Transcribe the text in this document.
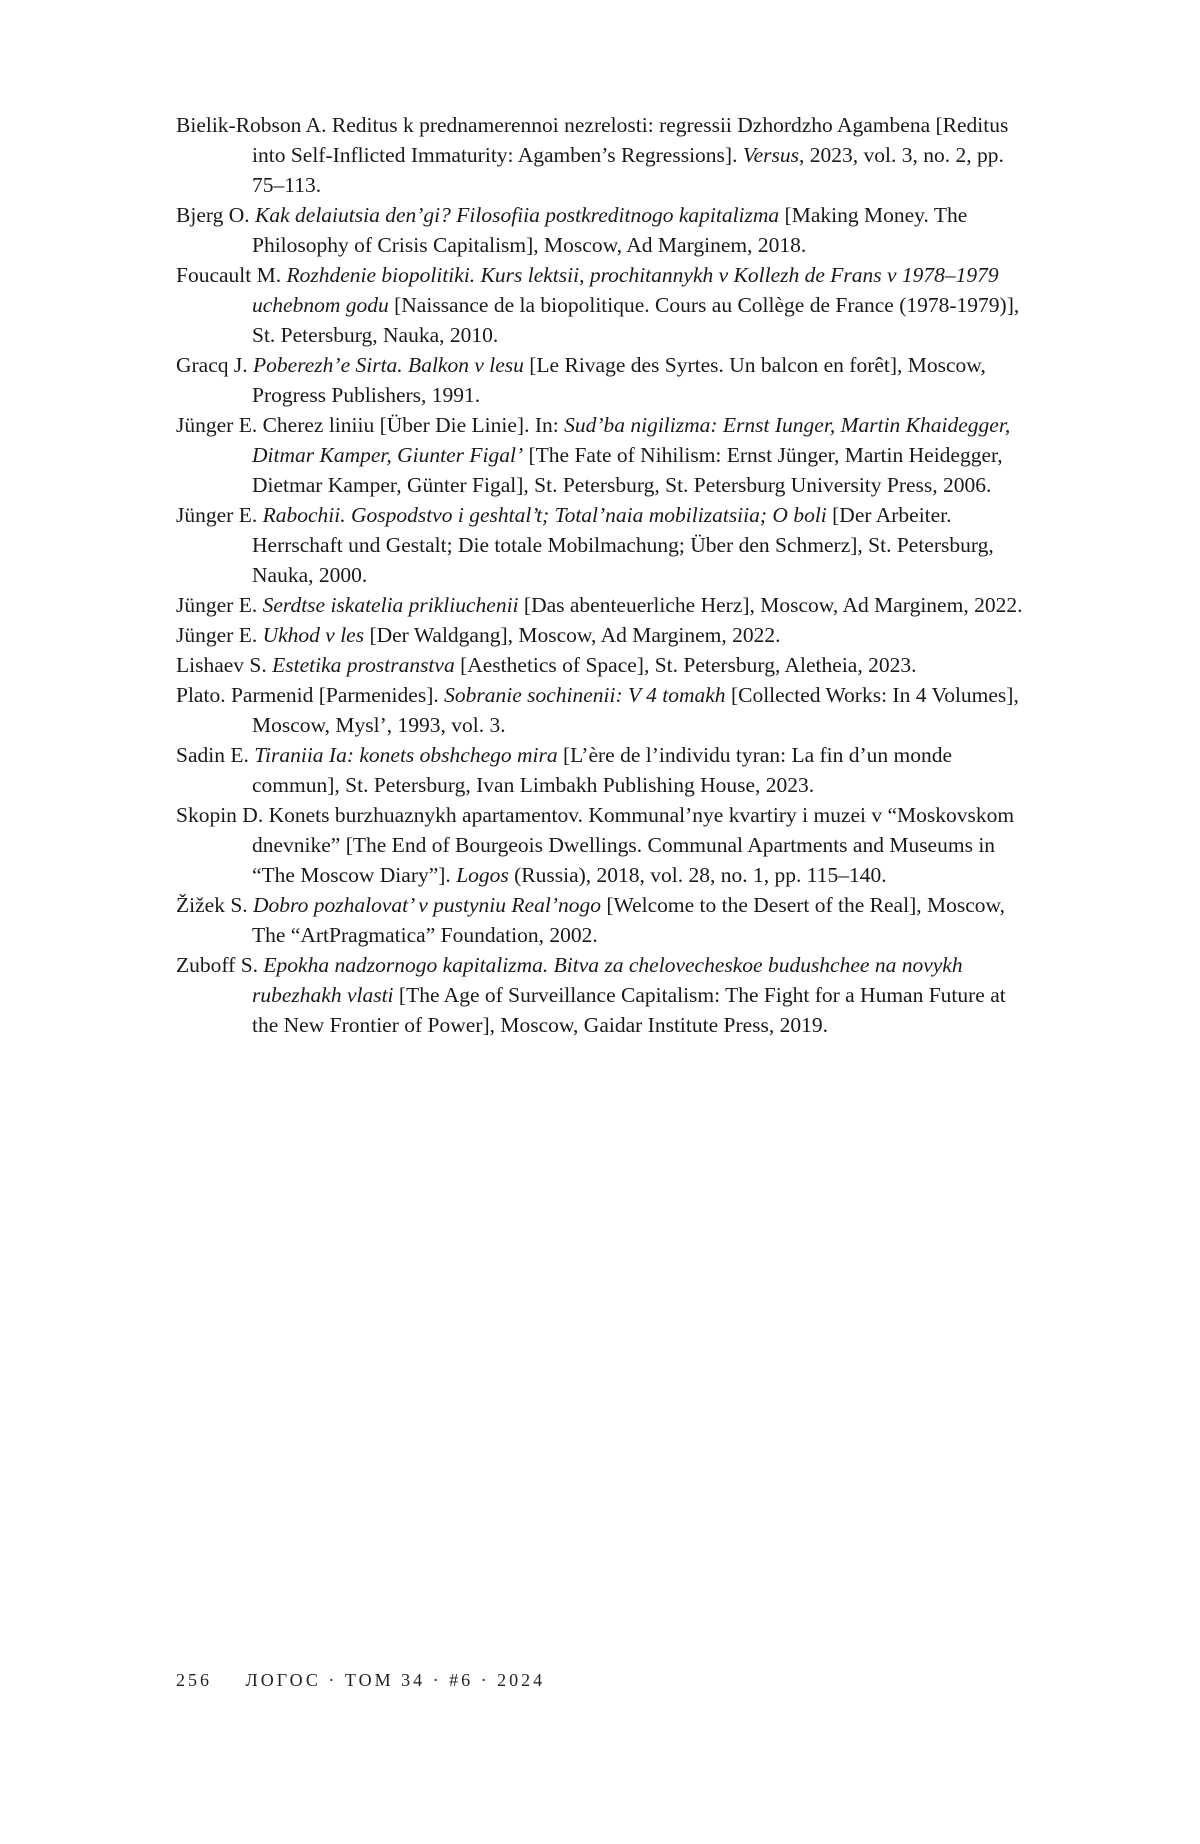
Bielik-Robson A. Reditus k prednamerennoi nezrelosti: regressii Dzhordzho Agambena [Reditus into Self-Inflicted Immaturity: Agamben’s Regressions]. Versus, 2023, vol. 3, no. 2, pp. 75–113.

Bjerg O. Kak delaiutsia den’gi? Filosofiia postkreditnogo kapitalizma [Making Money. The Philosophy of Crisis Capitalism], Moscow, Ad Marginem, 2018.

Foucault M. Rozhdenie biopolitiki. Kurs lektsii, prochitannykh v Kollezh de Frans v 1978–1979 uchebnom godu [Naissance de la biopolitique. Cours au Collège de France (1978-1979)], St. Petersburg, Nauka, 2010.

Gracq J. Poberezh’e Sirta. Balkon v lesu [Le Rivage des Syrtes. Un balcon en forêt], Moscow, Progress Publishers, 1991.

Jünger E. Cherez liniiu [Über Die Linie]. In: Sud’ba nigilizma: Ernst Iunger, Martin Khaidegger, Ditmar Kamper, Giunter Figal’ [The Fate of Nihilism: Ernst Jünger, Martin Heidegger, Dietmar Kamper, Günter Figal], St. Petersburg, St. Petersburg University Press, 2006.

Jünger E. Rabochii. Gospodstvo i geshtal’t; Total’naia mobilizatsiia; O boli [Der Arbeiter. Herrschaft und Gestalt; Die totale Mobilmachung; Über den Schmerz], St. Petersburg, Nauka, 2000.

Jünger E. Serdtse iskatelia prikliuchenii [Das abenteuerliche Herz], Moscow, Ad Marginem, 2022.

Jünger E. Ukhod v les [Der Waldgang], Moscow, Ad Marginem, 2022.

Lishaev S. Estetika prostranstva [Aesthetics of Space], St. Petersburg, Aletheia, 2023.

Plato. Parmenid [Parmenides]. Sobranie sochinenii: V 4 tomakh [Collected Works: In 4 Volumes], Moscow, Mysl’, 1993, vol. 3.

Sadin E. Tiraniia Ia: konets obshchego mira [L’ère de l’individu tyran: La fin d’un monde commun], St. Petersburg, Ivan Limbakh Publishing House, 2023.

Skopin D. Konets burzhuaznykh apartamentov. Kommunal’nye kvartiry i muzei v “Moskovskom dnevnike” [The End of Bourgeois Dwellings. Communal Apartments and Museums in “The Moscow Diary”]. Logos (Russia), 2018, vol. 28, no. 1, pp. 115–140.

Žižek S. Dobro pozhalovat’ v pustyniu Real’nogo [Welcome to the Desert of the Real], Moscow, The “ArtPragmatica” Foundation, 2002.

Zuboff S. Epokha nadzornogo kapitalizma. Bitva za chelovecheskoe budushchee na novykh rubezhakh vlasti [The Age of Surveillance Capitalism: The Fight for a Human Future at the New Frontier of Power], Moscow, Gaidar Institute Press, 2019.

256 ЛОГОС · ТОМ 34 · #6 · 2024
